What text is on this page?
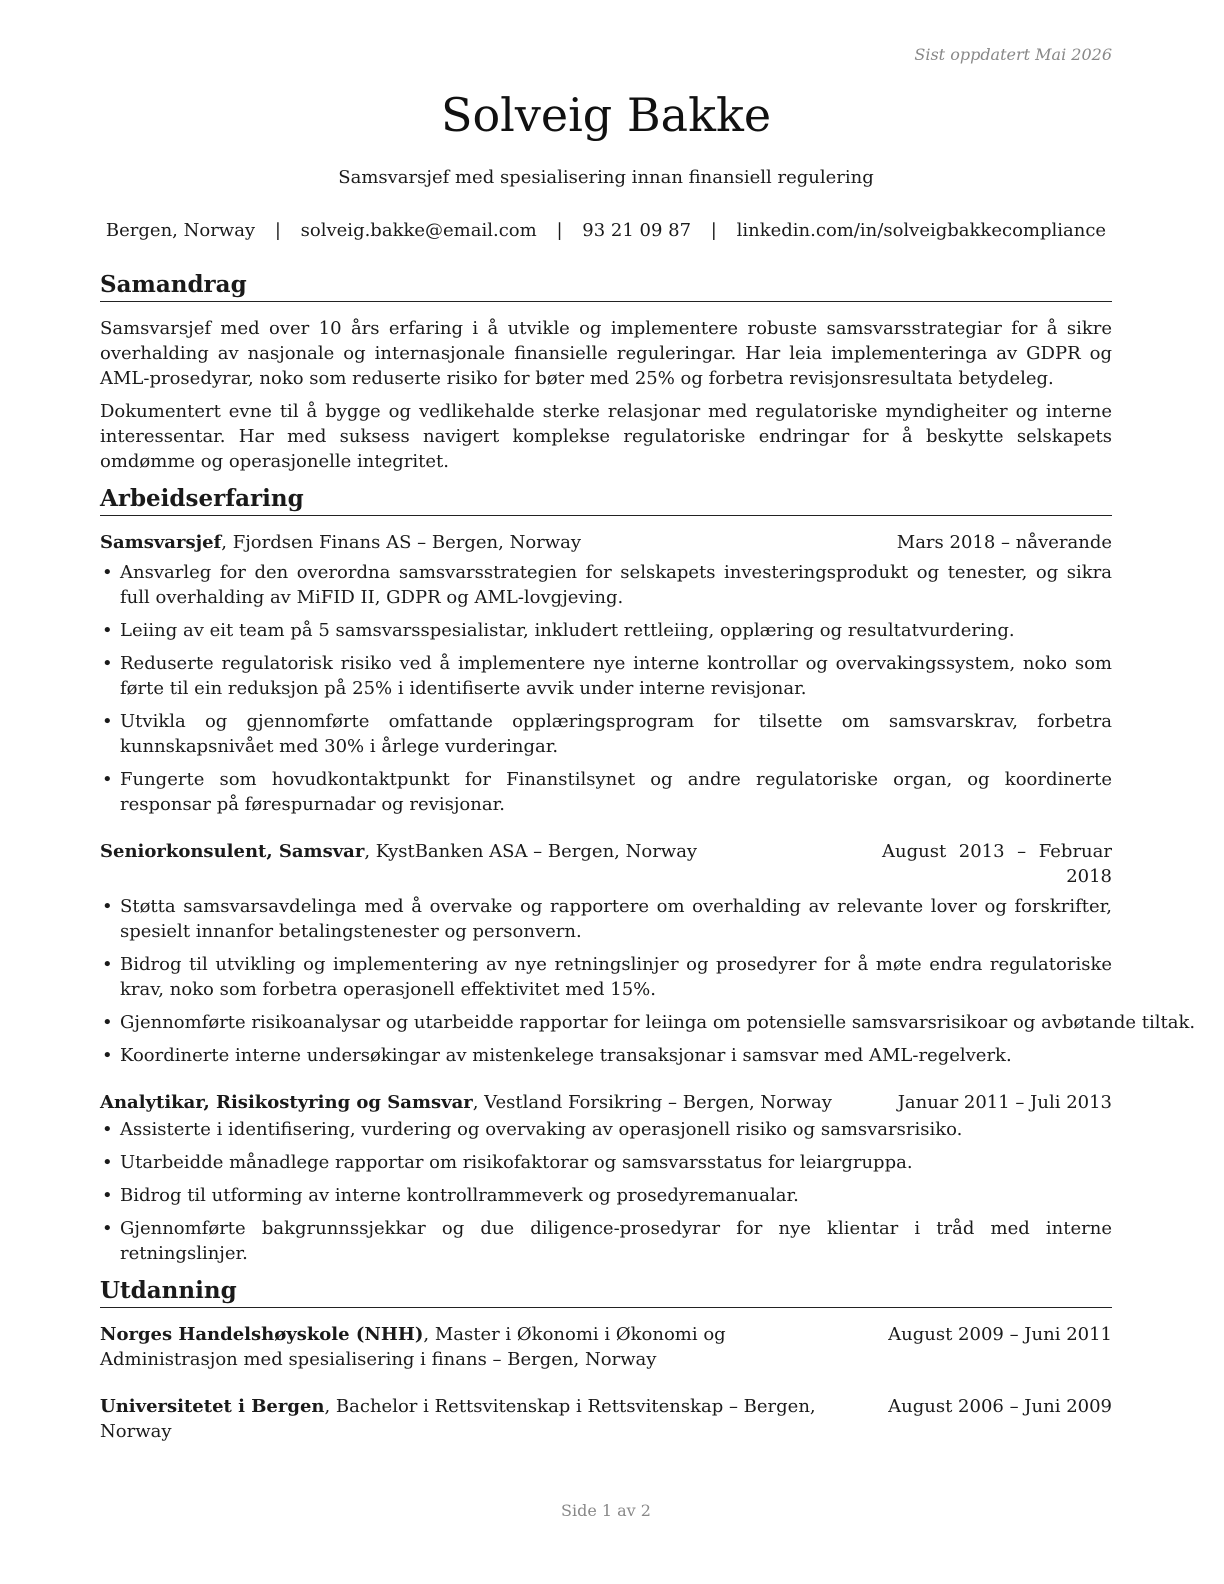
Sist oppdatert Mai 2026
Solveig Bakke
Samsvarsjef med spesialisering innan finansiell regulering
Bergen, Norway | solveig.bakke@email.com | 93 21 09 87 | linkedin.com/in/solveigbakkecompliance
Samandrag

Samsvarsjef med over 10 års erfaring i å utvikle og implementere robuste samsvarsstrategiar for å sikre overhalding av nasjonale og internasjonale finansielle reguleringar. Har leia implementeringa av GDPR og AML-prosedyrar, noko som reduserte risiko for bøter med 25% og forbetra revisjonsresultata betydeleg.

Dokumentert evne til å bygge og vedlikehalde sterke relasjonar med regulatoriske myndigheiter og interne interessentar. Har med suksess navigert komplekse regulatoriske endringar for å beskytte selskapets omdømme og operasjonelle integritet.

Arbeidserfaring
Samsvarsjef, Fjordsen Finans AS – Bergen, Norway	Mars 2018 – nåverande
• Ansvarleg for den overordna samsvarsstrategien for selskapets investeringsprodukt og tenester, og sikra full overhalding av MiFID II, GDPR og AML-lovgjeving.
• Leiing av eit team på 5 samsvarsspesialistar, inkludert rettleiing, opplæring og resultatvurdering.
• Reduserte regulatorisk risiko ved å implementere nye interne kontrollar og overvakingssystem, noko som førte til ein reduksjon på 25% i identifiserte avvik under interne revisjonar.
• Utvikla og gjennomførte omfattande opplæringsprogram for tilsette om samsvarskrav, forbetra kunnskapsnivået med 30% i årlege vurderingar.
• Fungerte som hovudkontaktpunkt for Finanstilsynet og andre regulatoriske organ, og koordinerte responsar på førespurnadar og revisjonar.
Seniorkonsulent, Samsvar, KystBanken ASA – Bergen, Norway	August 2013 – Februar 2018
• Støtta samsvarsavdelinga med å overvake og rapportere om overhalding av relevante lover og forskrifter, spesielt innanfor betalingstenester og personvern.
• Bidrog til utvikling og implementering av nye retningslinjer og prosedyrer for å møte endra regulatoriske krav, noko som forbetra operasjonell effektivitet med 15%.
• Gjennomførte risikoanalysar og utarbeidde rapportar for leiinga om potensielle samsvarsrisikoar og avbøtande tiltak.
• Koordinerte interne undersøkingar av mistenkelege transaksjonar i samsvar med AML-regelverk.
Analytikar, Risikostyring og Samsvar, Vestland Forsikring – Bergen, Norway	Januar 2011 – Juli 2013
• Assisterte i identifisering, vurdering og overvaking av operasjonell risiko og samsvarsrisiko.
• Utarbeidde månadlege rapportar om risikofaktorar og samsvarsstatus for leiargruppa.
• Bidrog til utforming av interne kontrollrammeverk og prosedyremanualar.
• Gjennomførte bakgrunnssjekkar og due diligence-prosedyrar for nye klientar i tråd med interne retningslinjer.
Utdanning
Norges Handelshøyskole (NHH), Master i Økonomi i Økonomi og Administrasjon med spesialisering i finans – Bergen, Norway
August 2009 – Juni 2011
Universitetet i Bergen, Bachelor i Rettsvitenskap i Rettsvitenskap – Bergen, Norway
August 2006 – Juni 2009
Side 1 av 2
